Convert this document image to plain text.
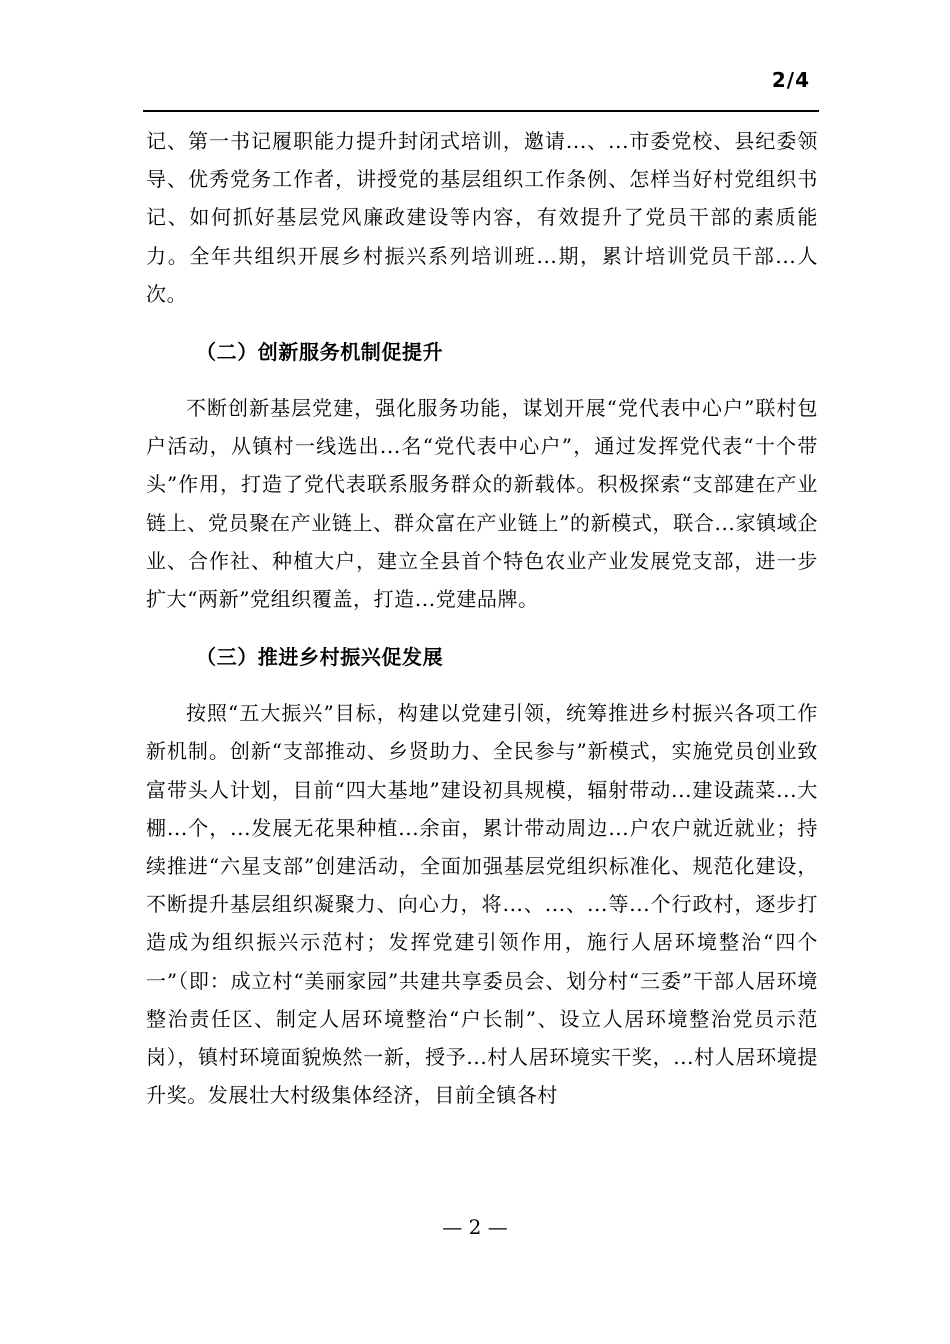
2/4

记、第一书记履职能力提升封闭式培训，邀请...、...市委党校、县纪委领导、优秀党务工作者，讲授党的基层组织工作条例、怎样当好村党组织书记、如何抓好基层党风廉政建设等内容，有效提升了党员干部的素质能力。全年共组织开展乡村振兴系列培训班...期，累计培训党员干部...人次。

（二）创新服务机制促提升

不断创新基层党建，强化服务功能，谋划开展“党代表中心户”联村包户活动，从镇村一线选出...名“党代表中心户”，通过发挥党代表“十个带头”作用，打造了党代表联系服务群众的新载体。积极探索“支部建在产业链上、党员聚在产业链上、群众富在产业链上”的新模式，联合...家镇域企业、合作社、种植大户，建立全县首个特色农业产业发展党支部，进一步扩大“两新”党组织覆盖，打造...党建品牌。

（三）推进乡村振兴促发展

按照“五大振兴”目标，构建以党建引领，统筹推进乡村振兴各项工作新机制。创新“支部推动、乡贤助力、全民参与”新模式，实施党员创业致富带头人计划，目前“四大基地”建设初具规模，辐射带动...建设蔬菜...大棚...个，...发展无花果种植...余亩，累计带动周边...户农户就近就业；持续推进“六星支部”创建活动，全面加强基层党组织标准化、规范化建设，不断提升基层组织凝聚力、向心力，将...、...、...等...个行政村，逐步打造成为组织振兴示范村；发挥党建引领作用，施行人居环境整治“四个一”（即：成立村“美丽家园”共建共享委员会、划分村“三委”干部人居环境整治责任区、制定人居环境整治“户长制”、设立人居环境整治党员示范岗），镇村环境面貌焕然一新，授予...村人居环境实干奖，...村人居环境提升奖。发展壮大村级集体经济，目前全镇各村

— 2 —
